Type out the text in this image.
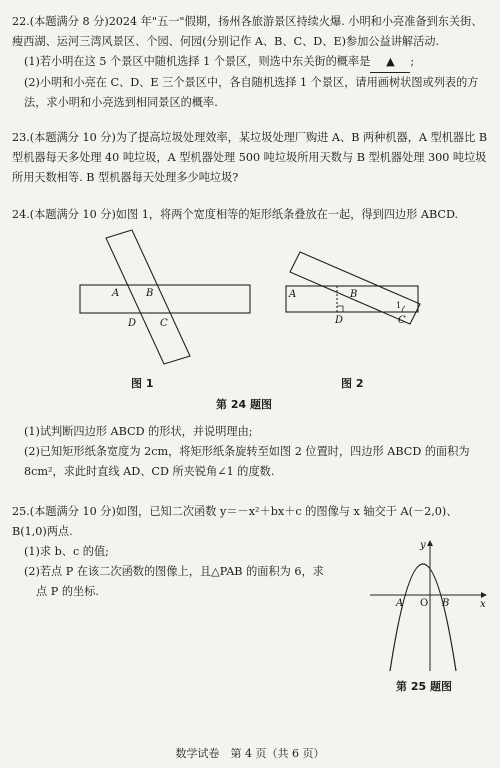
22.(本题满分 8 分)2024 年"五一"假期，扬州各旅游景区持续火爆. 小明和小亮准备到东关街、瘦西湖、运河三湾风景区、个园、何园(分别记作 A、B、C、D、E)参加公益讲解活动.

(1)若小明在这 5 个景区中随机选择 1 个景区，则选中东关街的概率是 ▲ ;

(2)小明和小亮在 C、D、E 三个景区中，各自随机选择 1 个景区，请用画树状图或列表的方法，求小明和小亮选到相同景区的概率.

23.(本题满分 10 分)为了提高垃圾处理效率，某垃圾处理厂购进 A、B 两种机器，A 型机器比 B 型机器每天多处理 40 吨垃圾，A 型机器处理 500 吨垃圾所用天数与 B 型机器处理 300 吨垃圾所用天数相等. B 型机器每天处理多少吨垃圾?

24.(本题满分 10 分)如图 1，将两个宽度相等的矩形纸条叠放在一起，得到四边形 ABCD.

A	B
D C
A	B
D	C
1
图 1	图 2
第 24 题图

(1)试判断四边形 ABCD 的形状，并说明理由;

(2)已知矩形纸条宽度为 2cm，将矩形纸条旋转至如图 2 位置时，四边形 ABCD 的面积为 8cm²，求此时直线 AD、CD 所夹锐角∠1 的度数.

25.(本题满分 10 分)如图，已知二次函数 y＝－x²＋bx＋c 的图像与 x 轴交于 A(－2,0)、B(1,0)两点.

(1)求 b、c 的值;

(2)若点 P 在该二次函数的图像上，且△PAB 的面积为 6，求

点 P 的坐标.

A O B	x
y
第 25 题图
数学试卷　第 4 页（共 6 页）
